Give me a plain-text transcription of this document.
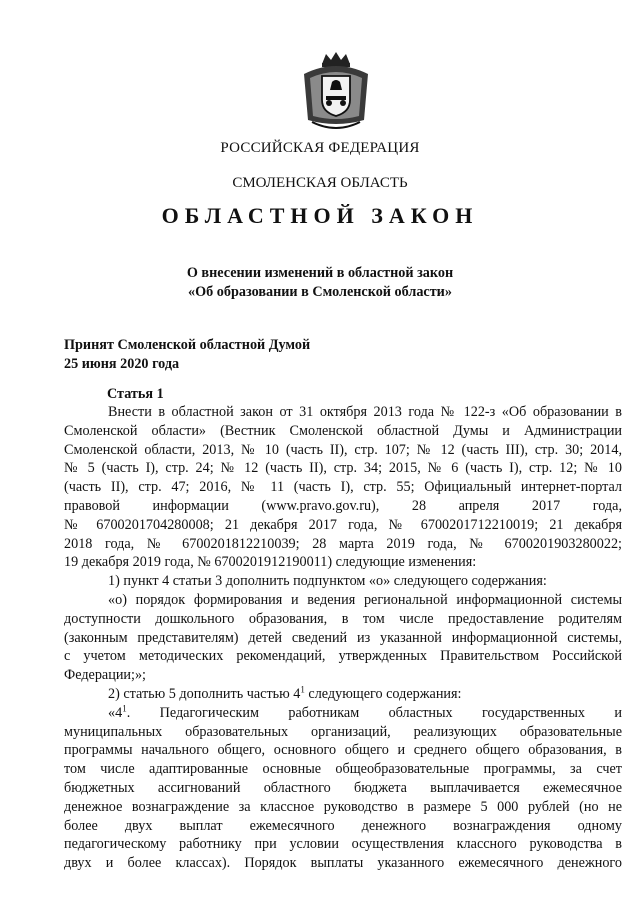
РОССИЙСКАЯ ФЕДЕРАЦИЯ
СМОЛЕНСКАЯ ОБЛАСТЬ
ОБЛАСТНОЙ ЗАКОН
О внесении изменений в областной закон
«Об образовании в Смоленской области»
Принят Смоленской областной Думой
25 июня 2020 года
Статья 1
Внести в областной закон от 31 октября 2013 года № 122-з «Об образовании в
Смоленской области» (Вестник Смоленской областной Думы и Администрации
Смоленской области, 2013, № 10 (часть II), стр. 107; № 12 (часть III), стр. 30; 2014,
№ 5 (часть I), стр. 24; № 12 (часть II), стр. 34; 2015, № 6 (часть I), стр. 12; № 10
(часть II), стр. 47; 2016, № 11 (часть I), стр. 55; Официальный интернет-портал
правовой информации (www.pravo.gov.ru), 28 апреля 2017 года,
№ 6700201704280008; 21 декабря 2017 года, № 6700201712210019; 21 декабря
2018 года, № 6700201812210039; 28 марта 2019 года, № 6700201903280022;
19 декабря 2019 года, № 6700201912190011) следующие изменения:
1) пункт 4 статьи 3 дополнить подпунктом «о» следующего содержания:
«о) порядок формирования и ведения региональной информационной системы
доступности дошкольного образования, в том числе предоставление родителям
(законным представителям) детей сведений из указанной информационной системы,
с учетом методических рекомендаций, утвержденных Правительством Российской
Федерации;»;
2) статью 5 дополнить частью $4^1$ следующего содержания:
«$4^1$. Педагогическим работникам областных государственных и
муниципальных образовательных организаций, реализующих образовательные
программы начального общего, основного общего и среднего общего образования, в
том числе адаптированные основные общеобразовательные программы, за счет
бюджетных ассигнований областного бюджета выплачивается ежемесячное
денежное вознаграждение за классное руководство в размере 5 000 рублей (но не
более двух выплат ежемесячного денежного вознаграждения одному
педагогическому работнику при условии осуществления классного руководства в
двух и более классах). Порядок выплаты указанного ежемесячного денежного
